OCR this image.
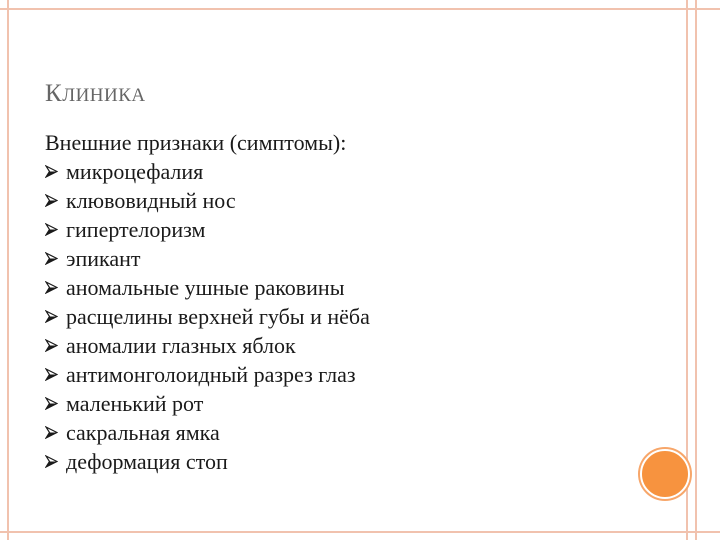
КЛИНИКА
Внешние признаки (симптомы):
микроцефалия
клювовидный нос
гипертелоризм
эпикант
аномальные ушные раковины
расщелины верхней губы и нёба
аномалии глазных яблок
антимонголоидный разрез глаз
маленький рот
сакральная ямка
деформация стоп
